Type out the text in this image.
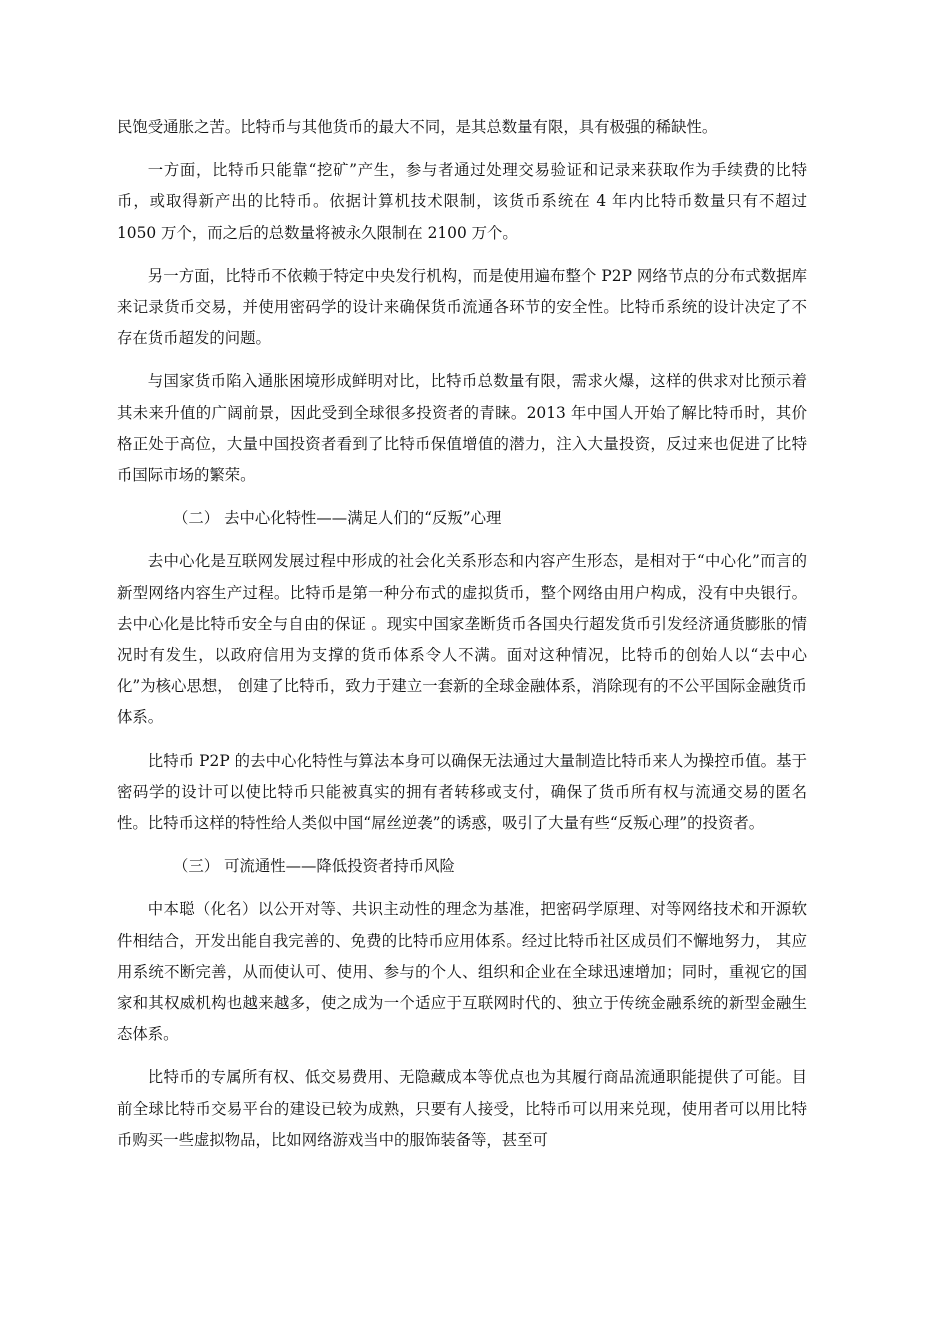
民饱受通胀之苦。比特币与其他货币的最大不同，是其总数量有限，具有极强的稀缺性。

一方面，比特币只能靠“挖矿”产生，参与者通过处理交易验证和记录来获取作为手续费的比特币，或取得新产出的比特币。依据计算机技术限制，该货币系统在 4 年内比特币数量只有不超过 1050 万个，而之后的总数量将被永久限制在 2100 万个。

另一方面，比特币不依赖于特定中央发行机构，而是使用遍布整个 P2P 网络节点的分布式数据库来记录货币交易，并使用密码学的设计来确保货币流通各环节的安全性。比特币系统的设计决定了不存在货币超发的问题。

与国家货币陷入通胀困境形成鲜明对比，比特币总数量有限，需求火爆，这样的供求对比预示着其未来升值的广阔前景，因此受到全球很多投资者的青睐。2013 年中国人开始了解比特币时，其价格正处于高位，大量中国投资者看到了比特币保值增值的潜力，注入大量投资，反过来也促进了比特币国际市场的繁荣。

（二） 去中心化特性——满足人们的“反叛”心理

去中心化是互联网发展过程中形成的社会化关系形态和内容产生形态，是相对于“中心化”而言的新型网络内容生产过程。比特币是第一种分布式的虚拟货币，整个网络由用户构成，没有中央银行。去中心化是比特币安全与自由的保证 。现实中国家垄断货币各国央行超发货币引发经济通货膨胀的情况时有发生，以政府信用为支撑的货币体系令人不满。面对这种情况，比特币的创始人以“去中心化”为核心思想， 创建了比特币，致力于建立一套新的全球金融体系，消除现有的不公平国际金融货币体系。

比特币 P2P 的去中心化特性与算法本身可以确保无法通过大量制造比特币来人为操控币值。基于密码学的设计可以使比特币只能被真实的拥有者转移或支付，确保了货币所有权与流通交易的匿名性。比特币这样的特性给人类似中国“屌丝逆袭”的诱惑，吸引了大量有些“反叛心理”的投资者。

（三） 可流通性——降低投资者持币风险

中本聪（化名）以公开对等、共识主动性的理念为基准，把密码学原理、对等网络技术和开源软件相结合，开发出能自我完善的、免费的比特币应用体系。经过比特币社区成员们不懈地努力， 其应用系统不断完善，从而使认可、使用、参与的个人、组织和企业在全球迅速增加；同时，重视它的国家和其权威机构也越来越多，使之成为一个适应于互联网时代的、独立于传统金融系统的新型金融生态体系。

比特币的专属所有权、低交易费用、无隐藏成本等优点也为其履行商品流通职能提供了可能。目前全球比特币交易平台的建设已较为成熟，只要有人接受，比特币可以用来兑现，使用者可以用比特币购买一些虚拟物品，比如网络游戏当中的服饰装备等，甚至可
